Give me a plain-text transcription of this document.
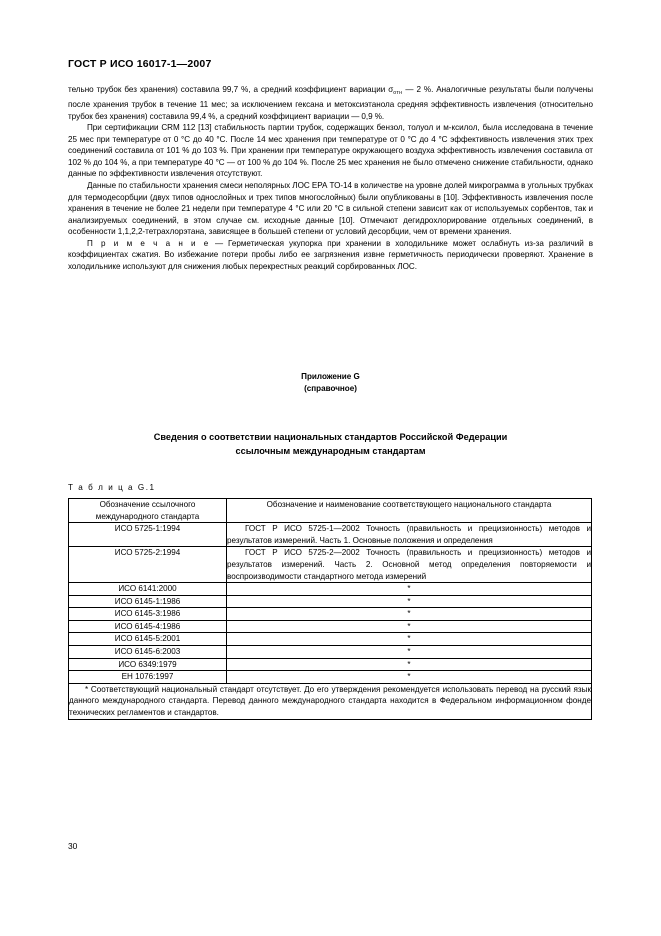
ГОСТ Р ИСО 16017-1—2007

тельно трубок без хранения) составила 99,7 %, а средний коэффициент вариации $\sigma_{отн}$ — 2 %. Аналогичные результаты были получены после хранения трубок в течение 11 мес; за исключением гексана и метоксиэтанола средняя эффективность извлечения (относительно трубок без хранения) составила 99,4 %, а средний коэффициент вариации — 0,9 %.

При сертификации CRM 112 [13] стабильность партии трубок, содержащих бензол, толуол и м-ксилол, была исследована в течение 25 мес при температуре от 0 °С до 40 °С. После 14 мес хранения при температуре от 0 °С до 4 °С эффективность извлечения этих трех соединений составила от 101 % до 103 %. При хранении при температуре окружающего воздуха эффективность извлечения составила от 102 % до 104 %, а при температуре 40 °С — от 100 % до 104 %. После 25 мес хранения не было отмечено снижение стабильности, однако данные по эффективности извлечения отсутствуют.

Данные по стабильности хранения смеси неполярных ЛОС ЕРА ТО-14 в количестве на уровне долей микрограмма в угольных трубках для термодесорбции (двух типов однослойных и трех типов многослойных) были опубликованы в [10]. Эффективность извлечения после хранения в течение не более 21 недели при температуре 4 °С или 20 °С в сильной степени зависит как от используемых сорбентов, так и анализируемых соединений, в этом случае см. исходные данные [10]. Отмечают дегидрохлорирование отдельных соединений, в особенности 1,1,2,2-тетрахлорэтана, зависящее в большей степени от условий десорбции, чем от времени хранения.

П р и м е ч а н и е — Герметическая укупорка при хранении в холодильнике может ослабнуть из-за различий в коэффициентах сжатия. Во избежание потери пробы либо ее загрязнения извне герметичность периодически проверяют. Хранение в холодильнике используют для снижения любых перекрестных реакций сорбированных ЛОС.

Приложение G
(справочное)
Сведения о соответствии национальных стандартов Российской Федерации
ссылочным международным стандартам
Т а б л и ц а G.1
Обозначение ссылочного
международного стандарта	Обозначение и наименование соответствующего национального стандарта
ИСО 5725-1:1994	ГОСТ Р ИСО 5725-1—2002 Точность (правильность и прецизионность) методов и результатов измерений. Часть 1. Основные положения и определения

ИСО 5725-2:1994	ГОСТ Р ИСО 5725-2—2002 Точность (правильность и прецизионность) методов и результатов измерений. Часть 2. Основной метод определения повторяемости и воспроизводимости стандартного метода измерений

ИСО 6141:2000	*
ИСО 6145-1:1986	*
ИСО 6145-3:1986	*
ИСО 6145-4:1986	*
ИСО 6145-5:2001	*
ИСО 6145-6:2003	*
ИСО 6349:1979	*
ЕН 1076:1997	*

* Соответствующий национальный стандарт отсутствует. До его утверждения рекомендуется использовать перевод на русский язык данного международного стандарта. Перевод данного международного стандарта находится в Федеральном информационном фонде технических регламентов и стандартов.	

30
